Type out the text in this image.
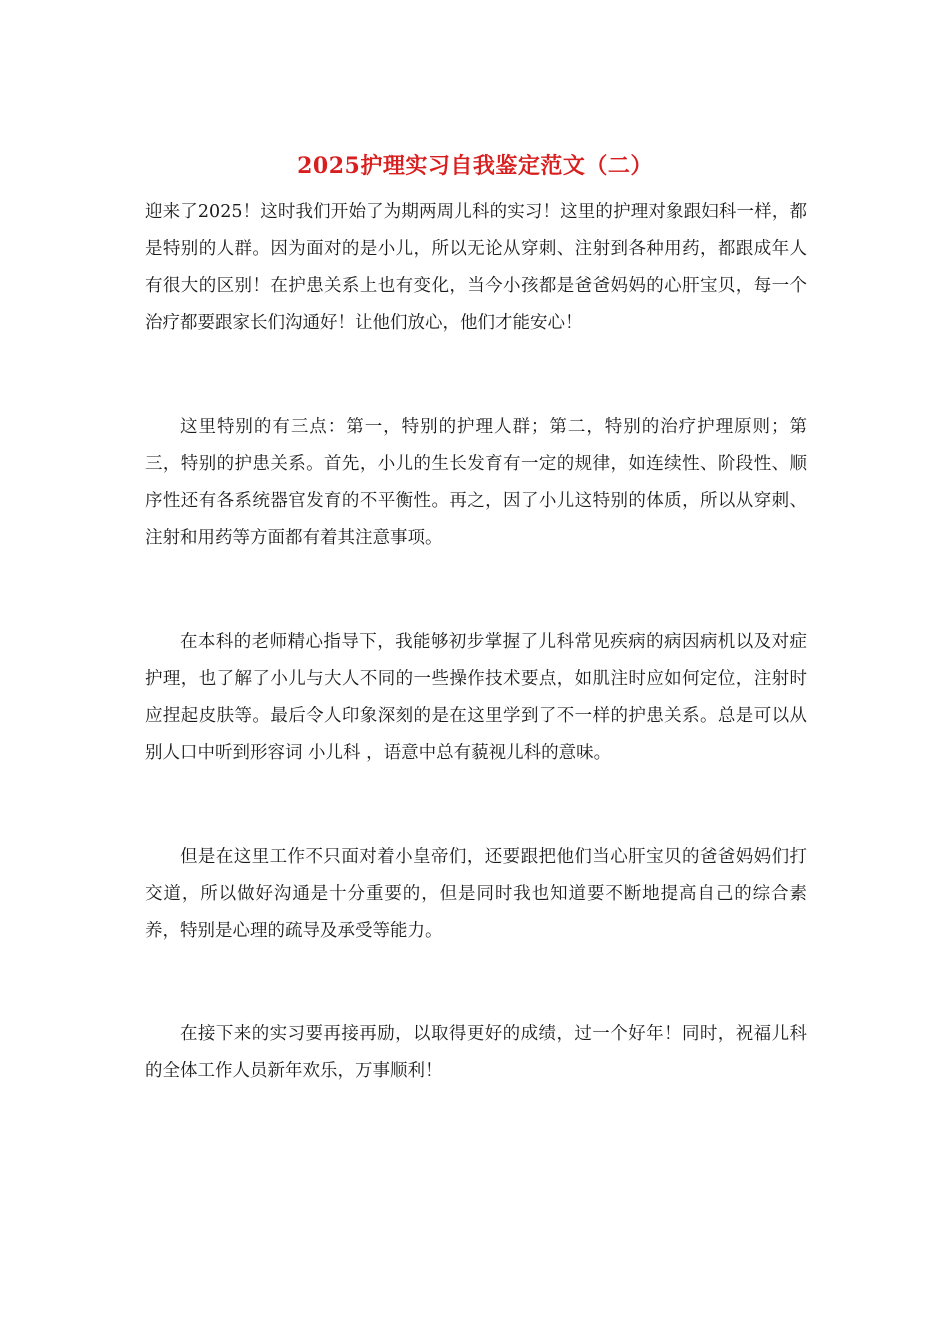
2025护理实习自我鉴定范文（二）

迎来了2025！这时我们开始了为期两周儿科的实习！这里的护理对象跟妇科一样，都是特别的人群。因为面对的是小儿，所以无论从穿刺、注射到各种用药，都跟成年人有很大的区别！在护患关系上也有变化，当今小孩都是爸爸妈妈的心肝宝贝，每一个治疗都要跟家长们沟通好！让他们放心，他们才能安心！

这里特别的有三点：第一，特别的护理人群；第二，特别的治疗护理原则；第三，特别的护患关系。首先，小儿的生长发育有一定的规律，如连续性、阶段性、顺序性还有各系统器官发育的不平衡性。再之，因了小儿这特别的体质，所以从穿刺、注射和用药等方面都有着其注意事项。

在本科的老师精心指导下，我能够初步掌握了儿科常见疾病的病因病机以及对症护理，也了解了小儿与大人不同的一些操作技术要点，如肌注时应如何定位，注射时应捏起皮肤等。最后令人印象深刻的是在这里学到了不一样的护患关系。总是可以从别人口中听到形容词 小儿科 ，语意中总有藐视儿科的意味。

但是在这里工作不只面对着小皇帝们，还要跟把他们当心肝宝贝的爸爸妈妈们打交道，所以做好沟通是十分重要的，但是同时我也知道要不断地提高自己的综合素养，特别是心理的疏导及承受等能力。

在接下来的实习要再接再励，以取得更好的成绩，过一个好年！同时，祝福儿科的全体工作人员新年欢乐，万事顺利！
